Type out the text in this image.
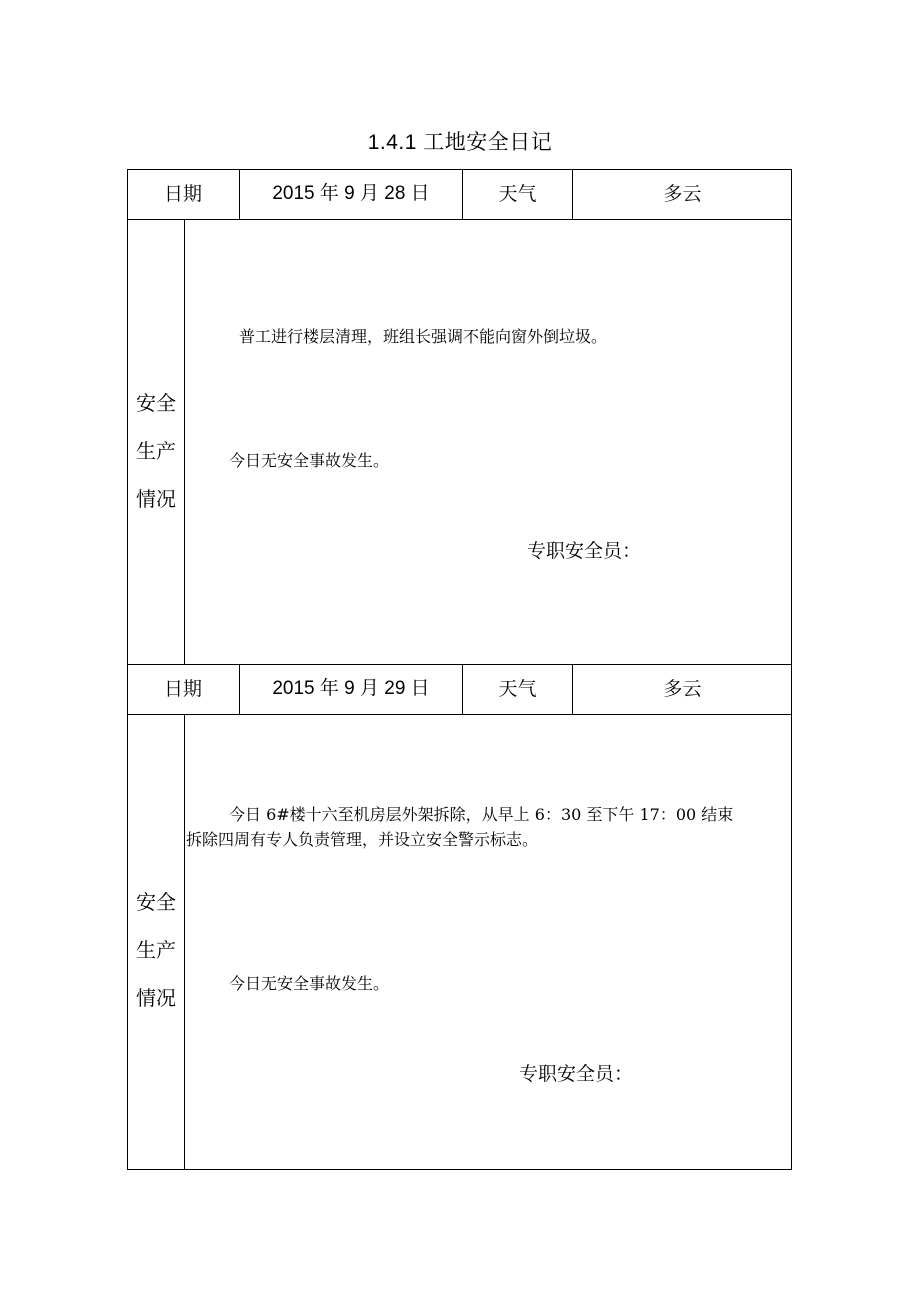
1.4.1 工地安全日记
日期	2015 年 9 月 28 日	天气	多云
安全
生产
情况
普工进行楼层清理，班组长强调不能向窗外倒垃圾。
今日无安全事故发生。
专职安全员：
日期	2015 年 9 月 29 日	天气	多云
安全
生产
情况
今日 6#楼十六至机房层外架拆除，从早上 6：30 至下午 17：00 结束
拆除四周有专人负责管理，并设立安全警示标志。
今日无安全事故发生。
专职安全员：
